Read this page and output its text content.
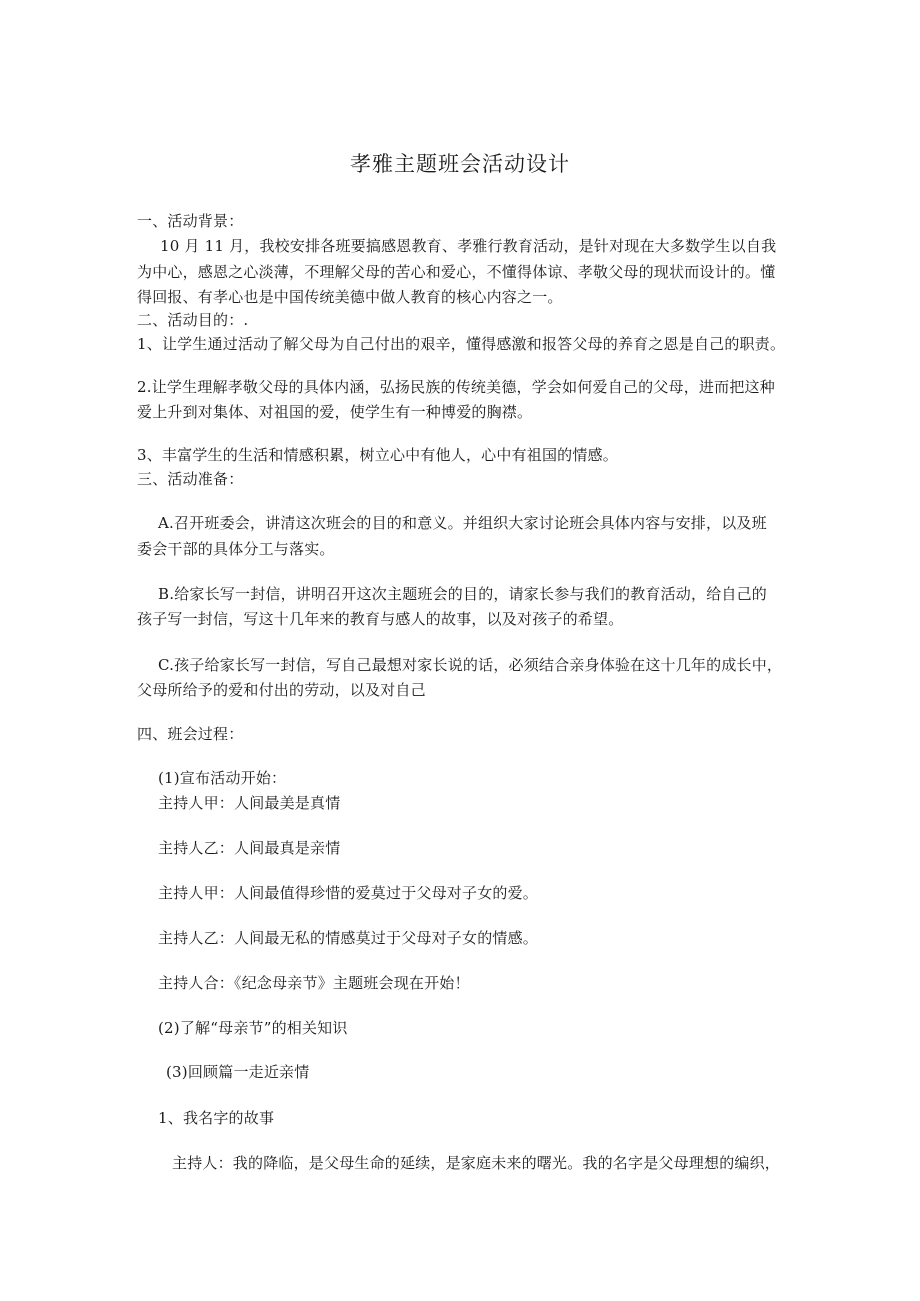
孝雅主题班会活动设计
一、活动背景：
10 月 11 月，我校安排各班要搞感恩教育、孝雅行教育活动，是针对现在大多数学生以自我
为中心，感恩之心淡薄，不理解父母的苦心和爱心，不懂得体谅、孝敬父母的现状而设计的。懂
得回报、有孝心也是中国传统美德中做人教育的核心内容之一。
二、活动目的：.
1、让学生通过活动了解父母为自己付出的艰辛，懂得感激和报答父母的养育之恩是自己的职责。
2.让学生理解孝敬父母的具体内涵，弘扬民族的传统美德，学会如何爱自己的父母，进而把这种
爱上升到对集体、对祖国的爱，使学生有一种博爱的胸襟。
3、丰富学生的生活和情感积累，树立心中有他人，心中有祖国的情感。
三、活动准备：
A.召开班委会，讲清这次班会的目的和意义。并组织大家讨论班会具体内容与安排，以及班
委会干部的具体分工与落实。
B.给家长写一封信，讲明召开这次主题班会的目的，请家长参与我们的教育活动，给自己的
孩子写一封信，写这十几年来的教育与感人的故事，以及对孩子的希望。
C.孩子给家长写一封信，写自己最想对家长说的话，必须结合亲身体验在这十几年的成长中，
父母所给予的爱和付出的劳动，以及对自己
四、班会过程：
(1)宣布活动开始：
主持人甲：人间最美是真情
主持人乙：人间最真是亲情
主持人甲：人间最值得珍惜的爱莫过于父母对子女的爱。
主持人乙：人间最无私的情感莫过于父母对子女的情感。
主持人合：《纪念母亲节》主题班会现在开始！
(2)了解“母亲节”的相关知识
(3)回顾篇一走近亲情
1、我名字的故事
主持人：我的降临，是父母生命的延续，是家庭未来的曙光。我的名字是父母理想的编织，
